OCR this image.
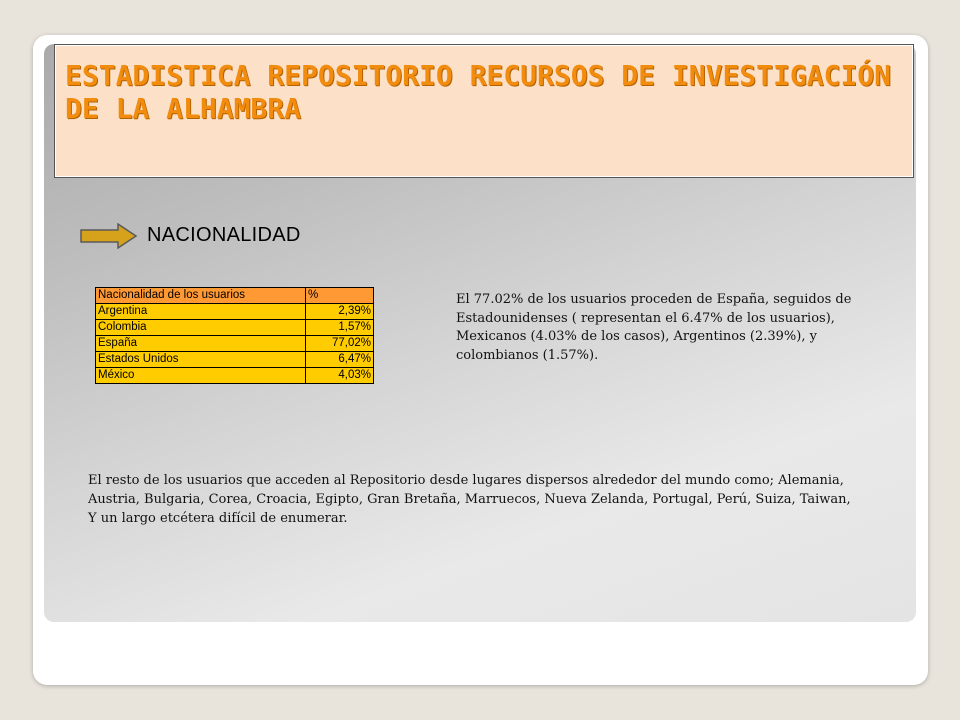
ESTADISTICA REPOSITORIO RECURSOS DE INVESTIGACIÓN DE LA ALHAMBRA
NACIONALIDAD
Nacionalidad de los usuarios	%
Argentina	2,39%
Colombia	1,57%
España	77,02%
Estados Unidos	6,47%
México	4,03%
El 77.02% de los usuarios proceden de España, seguidos de Estadounidenses ( representan el 6.47% de los usuarios), Mexicanos (4.03% de los casos), Argentinos (2.39%), y colombianos (1.57%).

El resto de los usuarios que acceden al Repositorio desde lugares dispersos alrededor del mundo como; Alemania,

Austria, Bulgaria, Corea, Croacia, Egipto, Gran Bretaña, Marruecos, Nueva Zelanda, Portugal, Perú, Suiza, Taiwan,

Y un largo etcétera difícil de enumerar.
